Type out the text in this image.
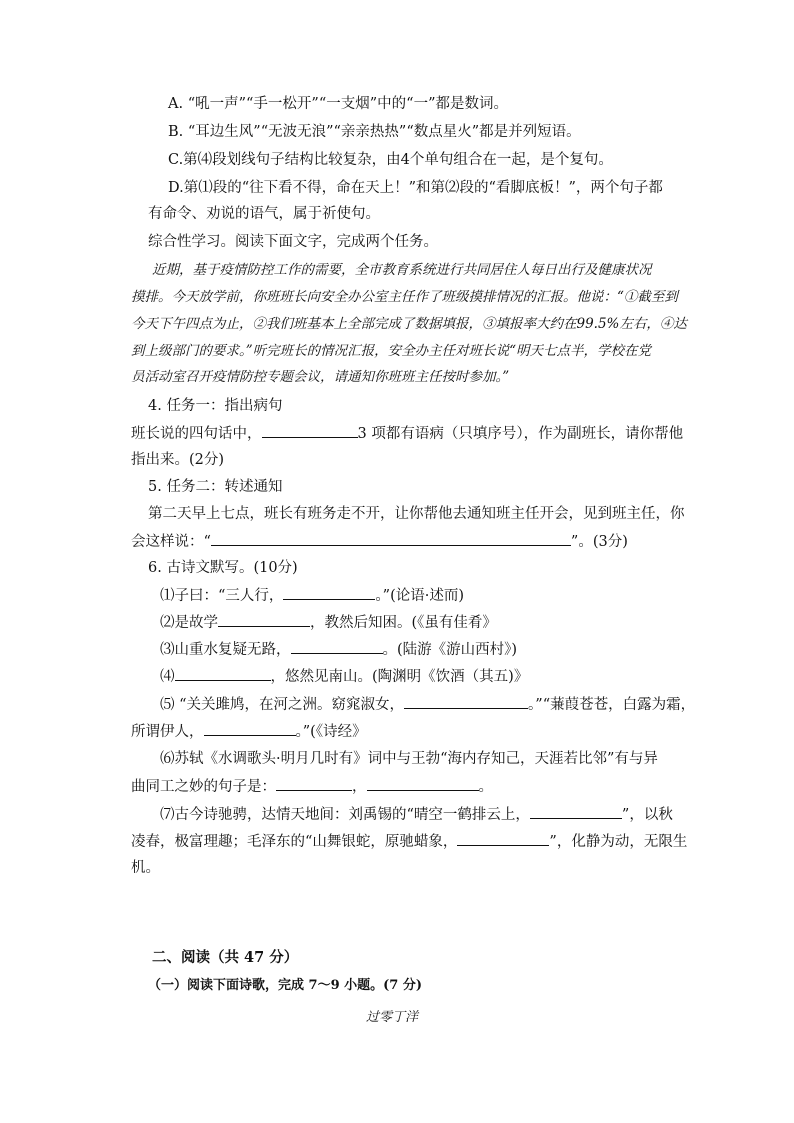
A. “吼一声”“手一松开”“一支烟”中的“一”都是数词。
B. “耳边生风”“无波无浪”“亲亲热热”“数点星火”都是并列短语。
C.第⑷段划线句子结构比较复杂，由4个单句组合在一起，是个复句。
D.第⑴段的“往下看不得，命在天上！”和第⑵段的“看脚底板！”，两个句子都
有命令、劝说的语气，属于祈使句。
综合性学习。阅读下面文字，完成两个任务。
近期，基于疫情防控工作的需要，全市教育系统进行共同居住人每日出行及健康状况
摸排。今天放学前，你班班长向安全办公室主任作了班级摸排情况的汇报。他说：“①截至到
今天下午四点为止，②我们班基本上全部完成了数据填报，③填报率大约在99.5%左右，④达
到上级部门的要求。”听完班长的情况汇报，安全办主任对班长说“明天七点半，学校在党
员活动室召开疫情防控专题会议，请通知你班班主任按时参加。”
4. 任务一：指出病句
班长说的四句话中，	3 项都有语病（只填序号），作为副班长，请你帮他
指出来。(2分)
5. 任务二：转述通知
第二天早上七点，班长有班务走不开，让你帮他去通知班主任开会，见到班主任，你
会这样说：“	”。(3分)
6. 古诗文默写。(10分)
⑴子曰：“三人行，	。”(论语·述而)
⑵是故学	，教然后知困。(《虽有佳肴》
⑶山重水复疑无路，	。(陆游《游山西村》)
⑷	，悠然见南山。(陶渊明《饮酒（其五)》
⑸ “关关雎鸠，在河之洲。窈窕淑女，	。”“蒹葭苍苍，白露为霜，
所谓伊人，	。”(《诗经》
⑹苏轼《水调歌头·明月几时有》词中与王勃“海内存知己，天涯若比邻”有与异
曲同工之妙的句子是：	，	。
⑺古今诗驰骋，达情天地间：刘禹锡的“晴空一鹤排云上，	”，以秋
凌春，极富理趣；毛泽东的“山舞银蛇，原驰蜡象，	”，化静为动，无限生
机。
二、阅读（共 47 分）
（一）阅读下面诗歌，完成 7～9 小题。(7 分)
过零丁洋
